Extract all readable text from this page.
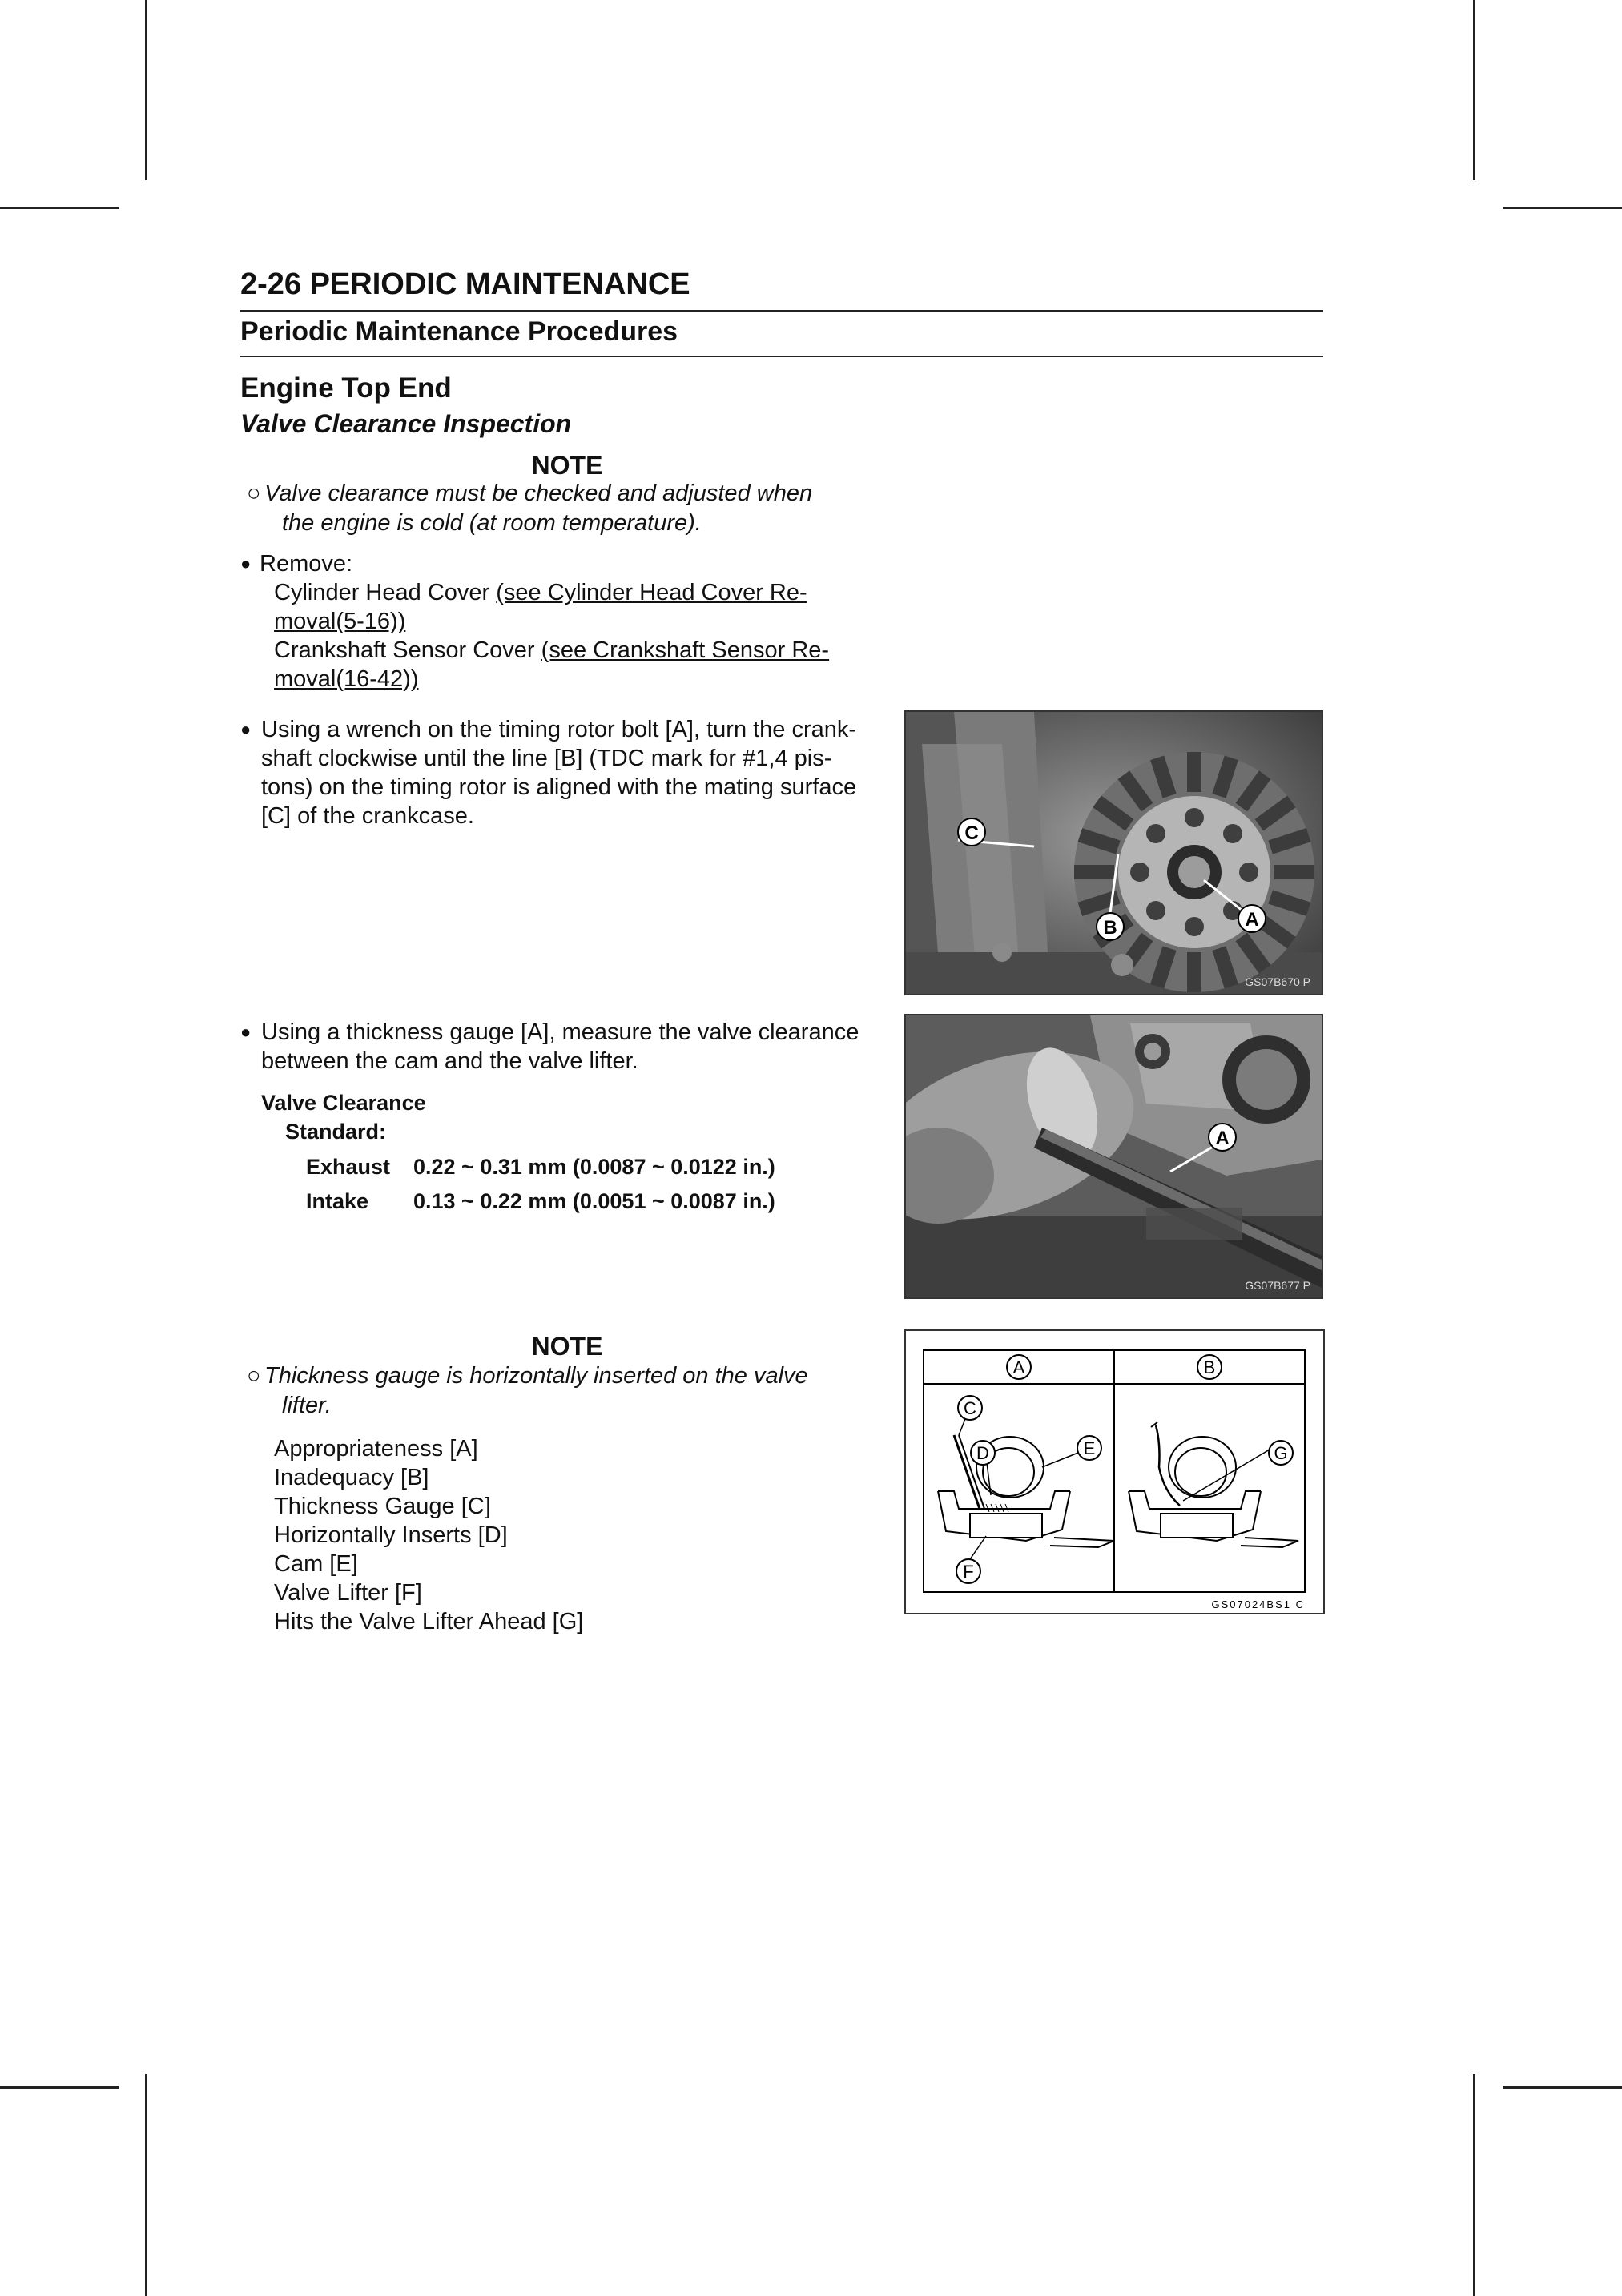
2-26 PERIODIC MAINTENANCE
Periodic Maintenance Procedures
Engine Top End
Valve Clearance Inspection
NOTE
○ Valve clearance must be checked and adjusted when
the engine is cold (at room temperature).
● Remove:
Cylinder Head Cover (see Cylinder Head Cover Re-
moval(5-16))
Crankshaft Sensor Cover (see Crankshaft Sensor Re-
moval(16-42))
● Using a wrench on the timing rotor bolt [A], turn the crank-
shaft clockwise until the line [B] (TDC mark for #1,4 pis-
tons) on the timing rotor is aligned with the mating surface
[C] of the crankcase.
C
B	A
GS07B670 P
● Using a thickness gauge [A], measure the valve clearance
between the cam and the valve lifter.
Valve Clearance
Standard:
Exhaust 0.22 ~ 0.31 mm (0.0087 ~ 0.0122 in.)
Intake 0.13 ~ 0.22 mm (0.0051 ~ 0.0087 in.)
A
GS07B677 P
NOTE
○ Thickness gauge is horizontally inserted on the valve
lifter.
Appropriateness [A]
Inadequacy [B]
Thickness Gauge [C]
Horizontally Inserts [D]
Cam [E]
Valve Lifter [F]
Hits the Valve Lifter Ahead [G]
A	B
C
D	E
F
G
GS07024BS1 C
